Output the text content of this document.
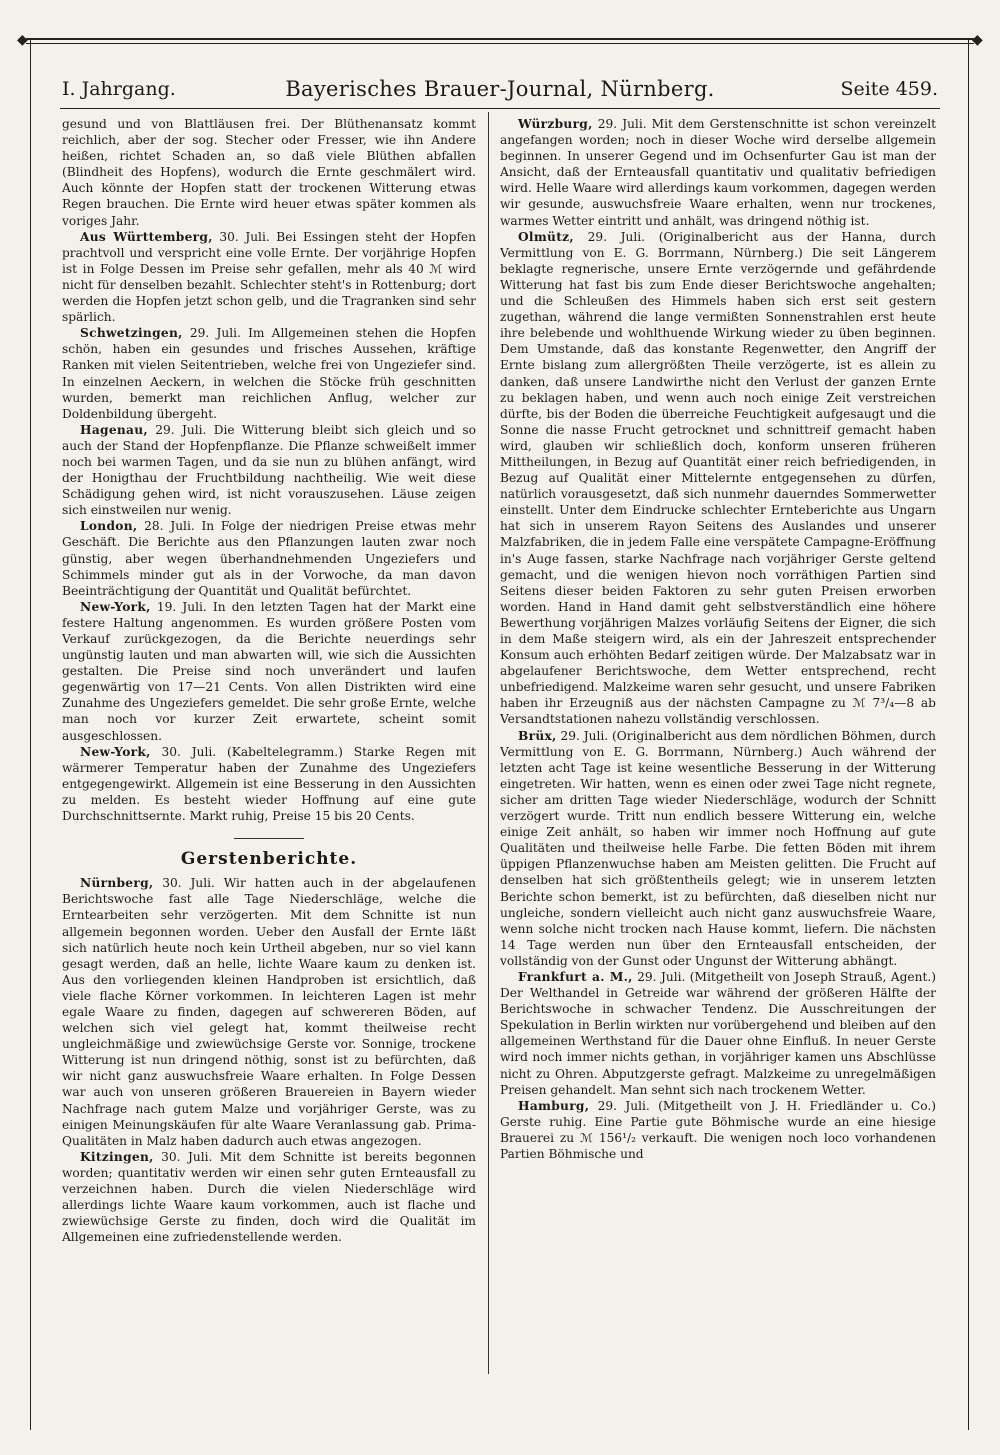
◆	◆
I. Jahrgang.	Bayerisches Brauer-Journal, Nürnberg.	Seite 459.

gesund und von Blattläusen frei. Der Blüthenansatz kommt reichlich, aber der sog. Stecher oder Fresser, wie ihn Andere heißen, richtet Schaden an, so daß viele Blüthen abfallen (Blindheit des Hopfens), wodurch die Ernte geschmälert wird. Auch könnte der Hopfen statt der trockenen Witterung etwas Regen brauchen. Die Ernte wird heuer etwas später kommen als voriges Jahr.

Aus Württemberg, 30. Juli. Bei Essingen steht der Hopfen prachtvoll und verspricht eine volle Ernte. Der vorjährige Hopfen ist in Folge Dessen im Preise sehr gefallen, mehr als 40 ℳ wird nicht für denselben bezahlt. Schlechter steht's in Rottenburg; dort werden die Hopfen jetzt schon gelb, und die Tragranken sind sehr spärlich.

Schwetzingen, 29. Juli. Im Allgemeinen stehen die Hopfen schön, haben ein gesundes und frisches Aussehen, kräftige Ranken mit vielen Seitentrieben, welche frei von Ungeziefer sind. In einzelnen Aeckern, in welchen die Stöcke früh geschnitten wurden, bemerkt man reichlichen Anflug, welcher zur Doldenbildung übergeht.

Hagenau, 29. Juli. Die Witterung bleibt sich gleich und so auch der Stand der Hopfenpflanze. Die Pflanze schweißelt immer noch bei warmen Tagen, und da sie nun zu blühen anfängt, wird der Honigthau der Fruchtbildung nachtheilig. Wie weit diese Schädigung gehen wird, ist nicht vorauszusehen. Läuse zeigen sich einstweilen nur wenig.

London, 28. Juli. In Folge der niedrigen Preise etwas mehr Geschäft. Die Berichte aus den Pflanzungen lauten zwar noch günstig, aber wegen überhandnehmenden Ungeziefers und Schimmels minder gut als in der Vorwoche, da man davon Beeinträchtigung der Quantität und Qualität befürchtet.

New-York, 19. Juli. In den letzten Tagen hat der Markt eine festere Haltung angenommen. Es wurden größere Posten vom Verkauf zurückgezogen, da die Berichte neuerdings sehr ungünstig lauten und man abwarten will, wie sich die Aussichten gestalten. Die Preise sind noch unverändert und laufen gegenwärtig von 17—21 Cents. Von allen Distrikten wird eine Zunahme des Ungeziefers gemeldet. Die sehr große Ernte, welche man noch vor kurzer Zeit erwartete, scheint somit ausgeschlossen.

New-York, 30. Juli. (Kabeltelegramm.) Starke Regen mit wärmerer Temperatur haben der Zunahme des Ungeziefers entgegengewirkt. Allgemein ist eine Besserung in den Aussichten zu melden. Es besteht wieder Hoffnung auf eine gute Durchschnittsernte. Markt ruhig, Preise 15 bis 20 Cents.

Gerstenberichte.

Nürnberg, 30. Juli. Wir hatten auch in der abgelaufenen Berichtswoche fast alle Tage Niederschläge, welche die Erntearbeiten sehr verzögerten. Mit dem Schnitte ist nun allgemein begonnen worden. Ueber den Ausfall der Ernte läßt sich natürlich heute noch kein Urtheil abgeben, nur so viel kann gesagt werden, daß an helle, lichte Waare kaum zu denken ist. Aus den vorliegenden kleinen Handproben ist ersichtlich, daß viele flache Körner vorkommen. In leichteren Lagen ist mehr egale Waare zu finden, dagegen auf schwereren Böden, auf welchen sich viel gelegt hat, kommt theilweise recht ungleichmäßige und zwiewüchsige Gerste vor. Sonnige, trockene Witterung ist nun dringend nöthig, sonst ist zu befürchten, daß wir nicht ganz auswuchsfreie Waare erhalten. In Folge Dessen war auch von unseren größeren Brauereien in Bayern wieder Nachfrage nach gutem Malze und vorjähriger Gerste, was zu einigen Meinungskäufen für alte Waare Veranlassung gab. Prima-Qualitäten in Malz haben dadurch auch etwas angezogen.

Kitzingen, 30. Juli. Mit dem Schnitte ist bereits begonnen worden; quantitativ werden wir einen sehr guten Ernteausfall zu verzeichnen haben. Durch die vielen Niederschläge wird allerdings lichte Waare kaum vorkommen, auch ist flache und zwiewüchsige Gerste zu finden, doch wird die Qualität im Allgemeinen eine zufriedenstellende werden.

Würzburg, 29. Juli. Mit dem Gerstenschnitte ist schon vereinzelt angefangen worden; noch in dieser Woche wird derselbe allgemein beginnen. In unserer Gegend und im Ochsenfurter Gau ist man der Ansicht, daß der Ernteausfall quantitativ und qualitativ befriedigen wird. Helle Waare wird allerdings kaum vorkommen, dagegen werden wir gesunde, auswuchsfreie Waare erhalten, wenn nur trockenes, warmes Wetter eintritt und anhält, was dringend nöthig ist.

Olmütz, 29. Juli. (Originalbericht aus der Hanna, durch Vermittlung von E. G. Borrmann, Nürnberg.) Die seit Längerem beklagte regnerische, unsere Ernte verzögernde und gefährdende Witterung hat fast bis zum Ende dieser Berichtswoche angehalten; und die Schleußen des Himmels haben sich erst seit gestern zugethan, während die lange vermißten Sonnenstrahlen erst heute ihre belebende und wohlthuende Wirkung wieder zu üben beginnen. Dem Umstande, daß das konstante Regenwetter, den Angriff der Ernte bislang zum allergrößten Theile verzögerte, ist es allein zu danken, daß unsere Landwirthe nicht den Verlust der ganzen Ernte zu beklagen haben, und wenn auch noch einige Zeit verstreichen dürfte, bis der Boden die überreiche Feuchtigkeit aufgesaugt und die Sonne die nasse Frucht getrocknet und schnittreif gemacht haben wird, glauben wir schließlich doch, konform unseren früheren Mittheilungen, in Bezug auf Quantität einer reich befriedigenden, in Bezug auf Qualität einer Mittelernte entgegensehen zu dürfen, natürlich vorausgesetzt, daß sich nunmehr dauerndes Sommerwetter einstellt. Unter dem Eindrucke schlechter Ernteberichte aus Ungarn hat sich in unserem Rayon Seitens des Auslandes und unserer Malzfabriken, die in jedem Falle eine verspätete Campagne-Eröffnung in's Auge fassen, starke Nachfrage nach vorjähriger Gerste geltend gemacht, und die wenigen hievon noch vorräthigen Partien sind Seitens dieser beiden Faktoren zu sehr guten Preisen erworben worden. Hand in Hand damit geht selbstverständlich eine höhere Bewerthung vorjährigen Malzes vorläufig Seitens der Eigner, die sich in dem Maße steigern wird, als ein der Jahreszeit entsprechender Konsum auch erhöhten Bedarf zeitigen würde. Der Malzabsatz war in abgelaufener Berichtswoche, dem Wetter entsprechend, recht unbefriedigend. Malzkeime waren sehr gesucht, und unsere Fabriken haben ihr Erzeugniß aus der nächsten Campagne zu ℳ 7³/₄—8 ab Versandtstationen nahezu vollständig verschlossen.

Brüx, 29. Juli. (Originalbericht aus dem nördlichen Böhmen, durch Vermittlung von E. G. Borrmann, Nürnberg.) Auch während der letzten acht Tage ist keine wesentliche Besserung in der Witterung eingetreten. Wir hatten, wenn es einen oder zwei Tage nicht regnete, sicher am dritten Tage wieder Niederschläge, wodurch der Schnitt verzögert wurde. Tritt nun endlich bessere Witterung ein, welche einige Zeit anhält, so haben wir immer noch Hoffnung auf gute Qualitäten und theilweise helle Farbe. Die fetten Böden mit ihrem üppigen Pflanzenwuchse haben am Meisten gelitten. Die Frucht auf denselben hat sich größtentheils gelegt; wie in unserem letzten Berichte schon bemerkt, ist zu befürchten, daß dieselben nicht nur ungleiche, sondern vielleicht auch nicht ganz auswuchsfreie Waare, wenn solche nicht trocken nach Hause kommt, liefern. Die nächsten 14 Tage werden nun über den Ernteausfall entscheiden, der vollständig von der Gunst oder Ungunst der Witterung abhängt.

Frankfurt a. M., 29. Juli. (Mitgetheilt von Joseph Strauß, Agent.) Der Welthandel in Getreide war während der größeren Hälfte der Berichtswoche in schwacher Tendenz. Die Ausschreitungen der Spekulation in Berlin wirkten nur vorübergehend und bleiben auf den allgemeinen Werthstand für die Dauer ohne Einfluß. In neuer Gerste wird noch immer nichts gethan, in vorjähriger kamen uns Abschlüsse nicht zu Ohren. Abputzgerste gefragt. Malzkeime zu unregelmäßigen Preisen gehandelt. Man sehnt sich nach trockenem Wetter.

Hamburg, 29. Juli. (Mitgetheilt von J. H. Friedländer u. Co.) Gerste ruhig. Eine Partie gute Böhmische wurde an eine hiesige Brauerei zu ℳ 156¹/₂ verkauft. Die wenigen noch loco vorhandenen Partien Böhmische und
